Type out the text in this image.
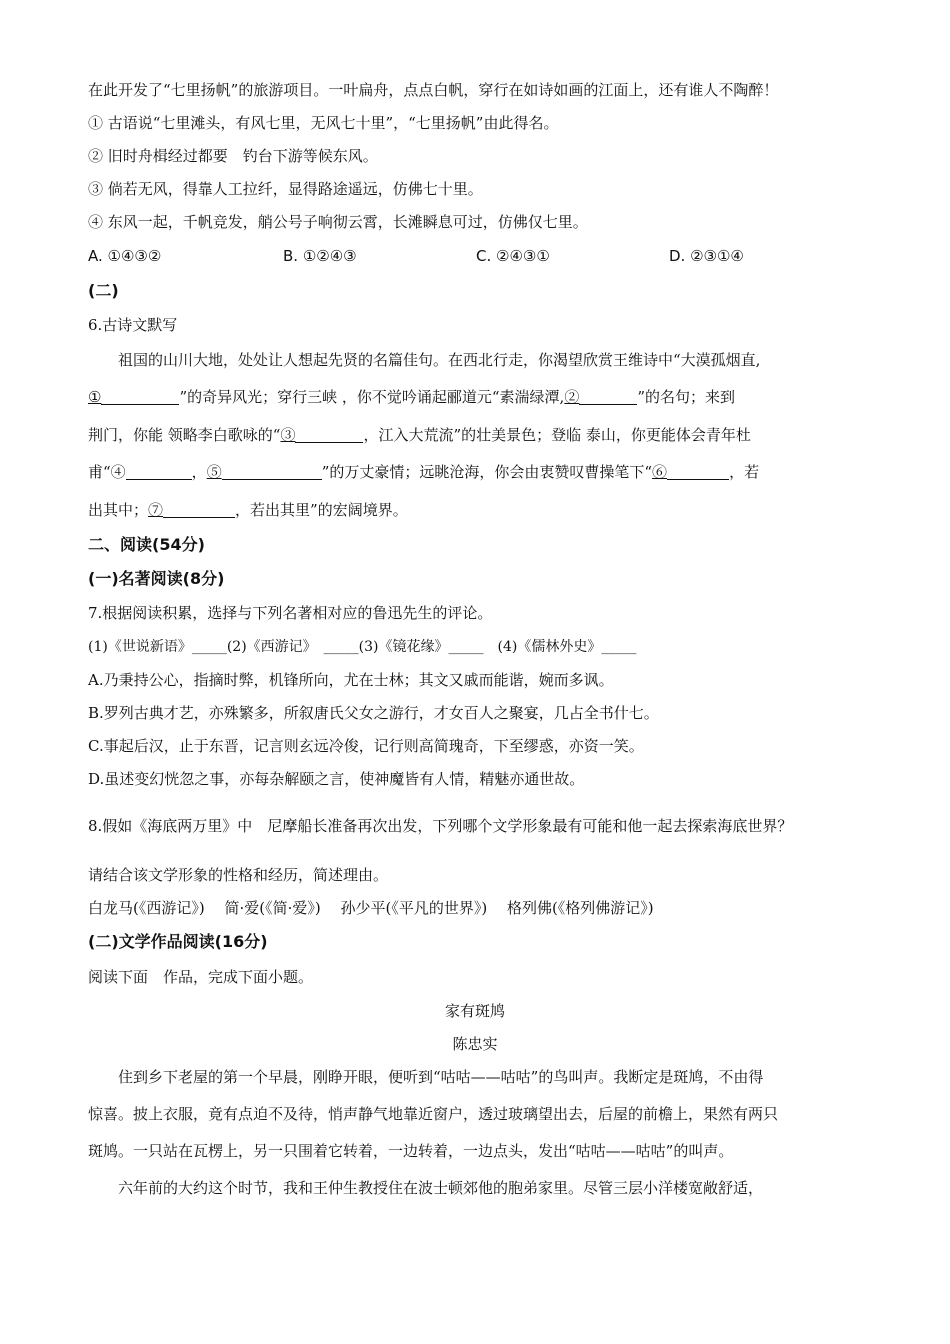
在此开发了“七里扬帆”的旅游项目。一叶扁舟，点点白帆，穿行在如诗如画的江面上，还有谁人不陶醉！
① 古语说“七里滩头，有风七里，无风七十里”，“七里扬帆”由此得名。
② 旧时舟楫经过都要　钓台下游等候东风。
③ 倘若无风，得靠人工拉纤，显得路途遥远，仿佛七十里。
④ 东风一起，千帆竞发，艄公号子响彻云霄，长滩瞬息可过，仿佛仅七里。
A. ①④③②	B. ①②④③	C. ②④③①	D. ②③①④
(二)
6.古诗文默写
祖国的山川大地，处处让人想起先贤的名篇佳句。在西北行走，你渴望欣赏王维诗中“大漠孤烟直,
①	”的奇异风光；穿行三峡 ，你不觉吟诵起郦道元“素湍绿潭,②	”的名句；来到
荆门，你能 领略李白歌咏的“③	，江入大荒流”的壮美景色；登临 泰山，你更能体会青年杜
甫“④	，⑤	”的万丈豪情；远眺沧海，你会由衷赞叹曹操笔下“⑥	，若
出其中；⑦	，若出其里”的宏阔境界。
二、阅读(54分)
(一)名著阅读(8分)
7.根据阅读积累，选择与下列名著相对应的鲁迅先生的评论。
(1)《世说新语》_____(2)《西游记》　_____(3)《镜花缘》_____　(4)《儒林外史》_____
A.乃秉持公心，指摘时弊，机锋所向，尤在士林；其文又戚而能谐，婉而多讽。
B.罗列古典才艺，亦殊繁多，所叙唐氏父女之游行，才女百人之聚宴，几占全书什七。
C.事起后汉，止于东晋，记言则玄远冷俊，记行则高简瑰奇，下至缪惑，亦资一笑。
D.虽述变幻恍忽之事，亦每杂解颐之言，使神魔皆有人情，精魅亦通世故。
8.假如《海底两万里》中　尼摩船长准备再次出发，下列哪个文学形象最有可能和他一起去探索海底世界？
请结合该文学形象的性格和经历，简述理由。
白龙马(《西游记》)　 简·爱(《简·爱》)　 孙少平(《平凡的世界》)　 格列佛(《格列佛游记》)
(二)文学作品阅读(16分)
阅读下面　作品，完成下面小题。
家有斑鸠
陈忠实
住到乡下老屋的第一个早晨，刚睁开眼，便听到“咕咕——咕咕”的鸟叫声。我断定是斑鸠，不由得
惊喜。披上衣服，竟有点迫不及待，悄声静气地靠近窗户，透过玻璃望出去，后屋的前檐上，果然有两只
斑鸠。一只站在瓦楞上，另一只围着它转着，一边转着，一边点头，发出“咕咕——咕咕”的叫声。
六年前的大约这个时节，我和王仲生教授住在波士顿郊他的胞弟家里。尽管三层小洋楼宽敞舒适，
